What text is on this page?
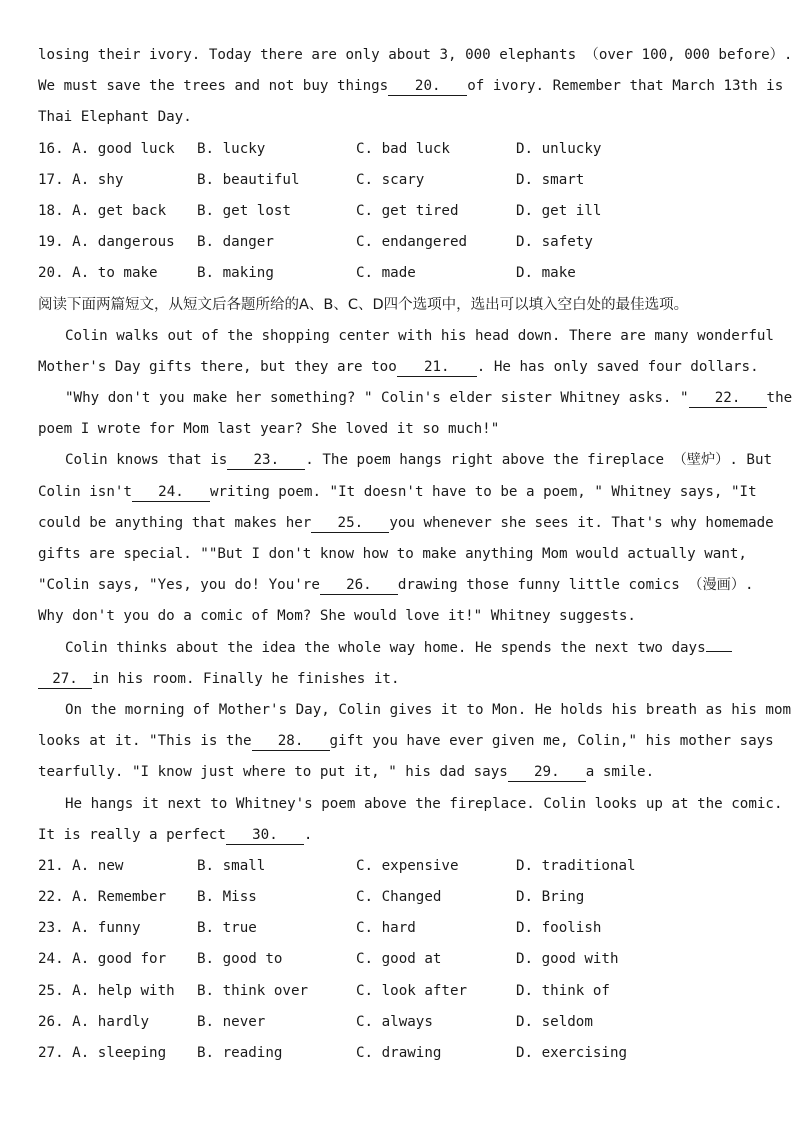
losing their ivory. Today there are only about 3, 000 elephants （over 100, 000 before）.
We must save the trees and not buy things 20. of ivory. Remember that March 13th is
Thai Elephant Day.
16. A. good luck	B. lucky	C. bad luck	D. unlucky
17. A. shy	B. beautiful	C. scary	D. smart
18. A. get back	B. get lost	C. get tired	D. get ill
19. A. dangerous	B. danger	C. endangered	D. safety
20. A. to make	B. making	C. made	D. make
阅读下面两篇短文，从短文后各题所给的A、B、C、D四个选项中，选出可以填入空白处的最佳选项。
Colin walks out of the shopping center with his head down. There are many wonderful
Mother's Day gifts there, but they are too 21. . He has only saved four dollars.
"Why don't you make her something? " Colin's elder sister Whitney asks. " 22. the
poem I wrote for Mom last year? She loved it so much!"
Colin knows that is 23. . The poem hangs right above the fireplace （壁炉）. But
Colin isn't 24. writing poem. "It doesn't have to be a poem, " Whitney says, "It
could be anything that makes her 25. you whenever she sees it. That's why homemade
gifts are special. ""But I don't know how to make anything Mom would actually want,
"Colin says, "Yes, you do! You're 26. drawing those funny little comics （漫画）.
Why don't you do a comic of Mom? She would love it!" Whitney suggests.
Colin thinks about the idea the whole way home. He spends the next two days
27. in his room. Finally he finishes it.
On the morning of Mother's Day, Colin gives it to Mon. He holds his breath as his mom
looks at it. "This is the 28. gift you have ever given me, Colin," his mother says
tearfully. "I know just where to put it, " his dad says 29. a smile.
He hangs it next to Whitney's poem above the fireplace. Colin looks up at the comic.
It is really a perfect 30. .
21. A. new	B. small	C. expensive	D. traditional
22. A. Remember	B. Miss	C. Changed	D. Bring
23. A. funny	B. true	C. hard	D. foolish
24. A. good for	B. good to	C. good at	D. good with
25. A. help with	B. think over	C. look after	D. think of
26. A. hardly	B. never	C. always	D. seldom
27. A. sleeping	B. reading	C. drawing	D. exercising
